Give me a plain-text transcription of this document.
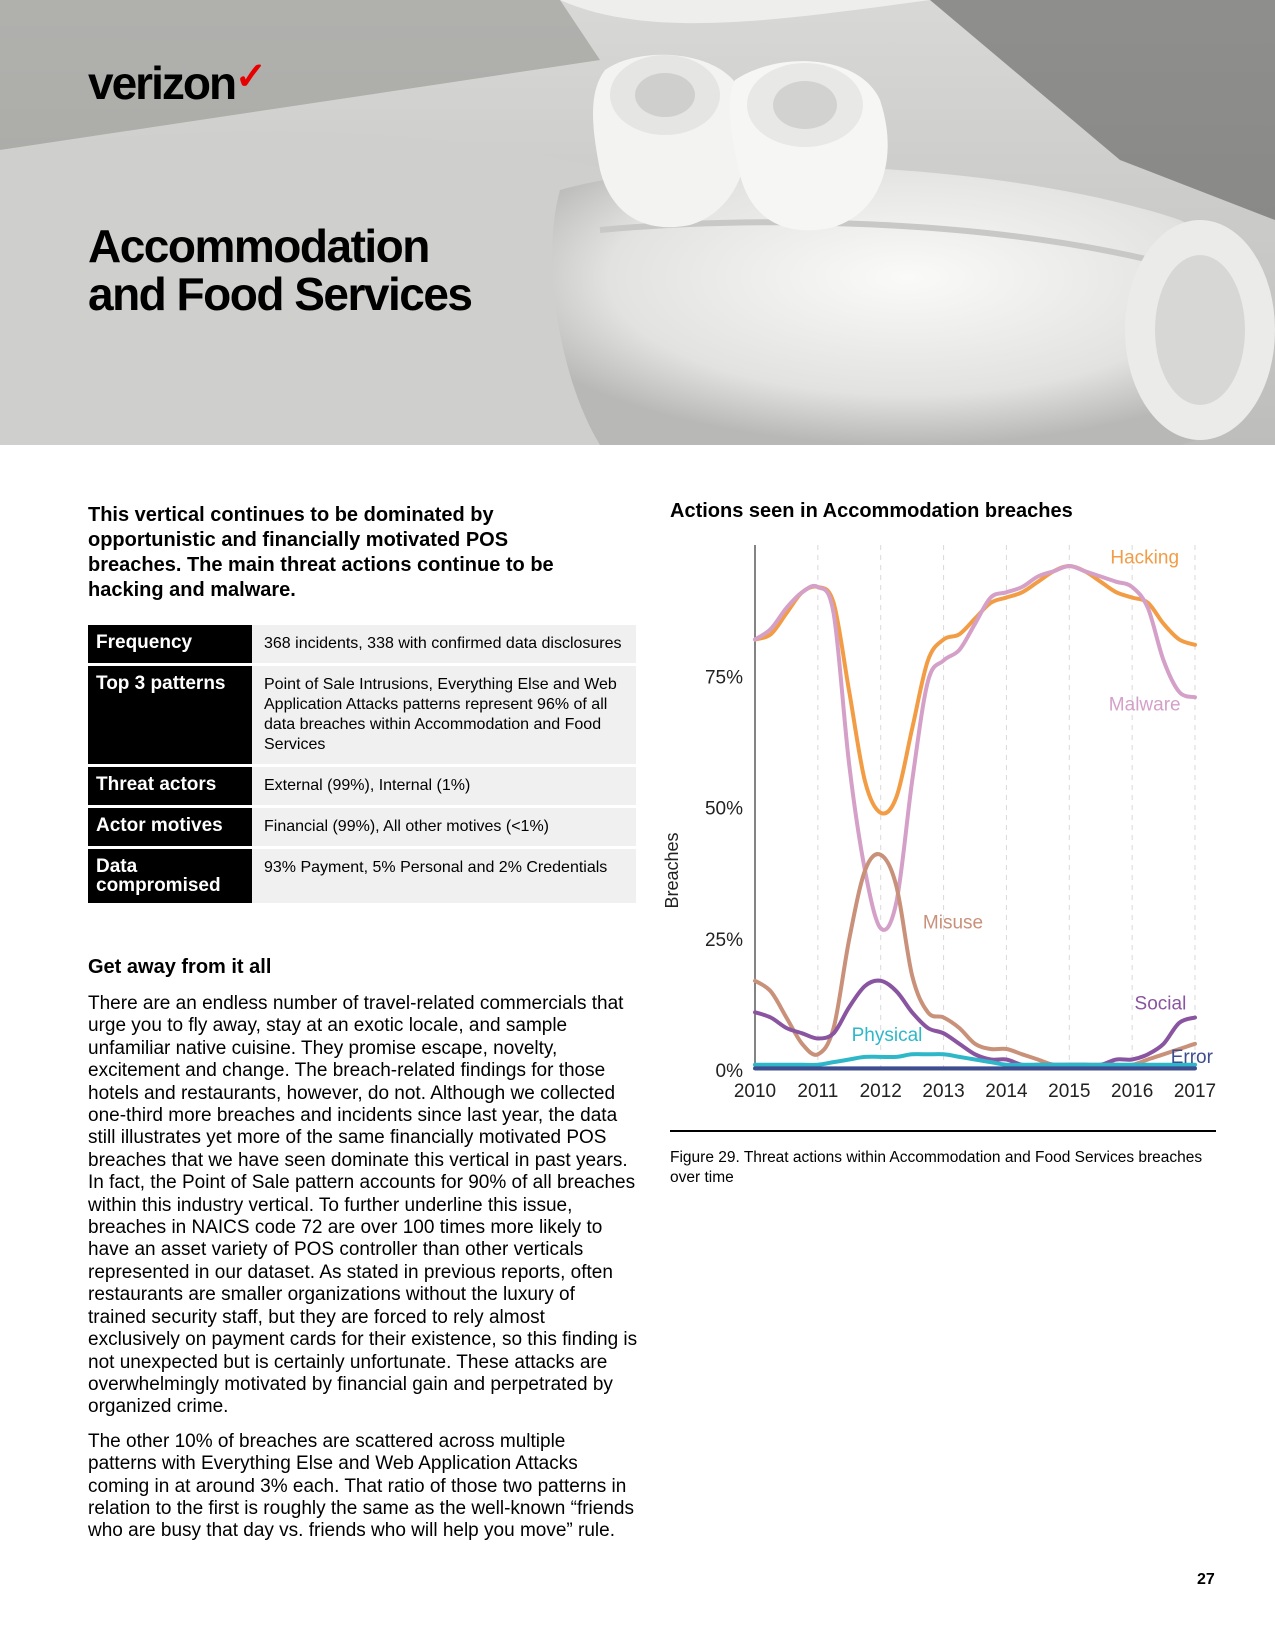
verizon✓
Accommodation
and Food Services

This vertical continues to be dominated by opportunistic and financially motivated POS breaches. The main threat actions continue to be hacking and malware.

Frequency	368 incidents, 338 with confirmed data disclosures
Top 3 patterns	Point of Sale Intrusions, Everything Else and Web Application Attacks patterns represent 96% of all data breaches within Accommodation and Food Services
Threat actors	External (99%), Internal (1%)
Actor motives	Financial (99%), All other motives (<1%)
Data compromised	93% Payment, 5% Personal and 2% Credentials
Get away from it all

There are an endless number of travel-related commercials that urge you to fly away, stay at an exotic locale, and sample unfamiliar native cuisine. They promise escape, novelty, excitement and change. The breach-related findings for those hotels and restaurants, however, do not. Although we collected one-third more breaches and incidents since last year, the data still illustrates yet more of the same financially motivated POS breaches that we have seen dominate this vertical in past years. In fact, the Point of Sale pattern accounts for 90% of all breaches within this industry vertical. To further underline this issue, breaches in NAICS code 72 are over 100 times more likely to have an asset variety of POS controller than other verticals represented in our dataset. As stated in previous reports, often restaurants are smaller organizations without the luxury of trained security staff, but they are forced to rely almost exclusively on payment cards for their existence, so this finding is not unexpected but is certainly unfortunate. These attacks are overwhelmingly motivated by financial gain and perpetrated by organized crime.

The other 10% of breaches are scattered across multiple patterns with Everything Else and Web Application Attacks coming in at around 3% each. That ratio of those two patterns in relation to the first is roughly the same as the well-known “friends who are busy that day vs. friends who will help you move” rule.

Actions seen in Accommodation breaches
0%
25%
50%
75%
2010 2011 2012 2013 2014 2015 2016 2017
Breaches
Hacking
Malware
Misuse
Social
Physical
Error
Figure 29. Threat actions within Accommodation and Food Services breaches over time
27
